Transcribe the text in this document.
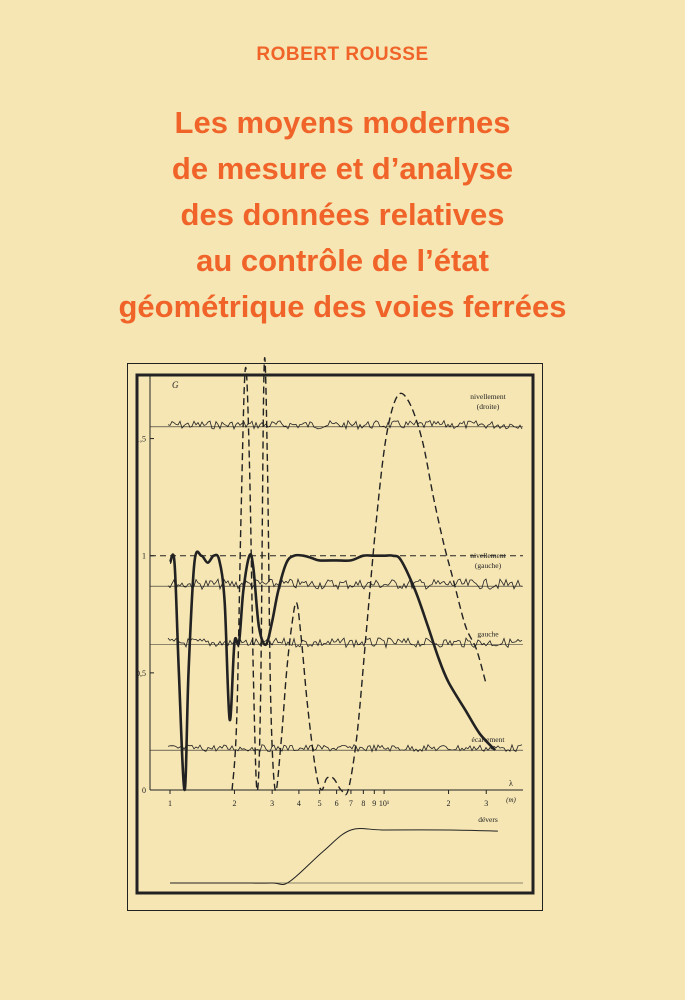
ROBERT ROUSSE
Les moyens modernes
de mesure et d’analyse
des données relatives
au contrôle de l’état
géométrique des voies ferrées
0
0,5
1
1,5
G
1	2	3	4 5 6 7 8 9 10¹	2	3
λ
(m)
nivellement
(droite)
nivellement
(gauche)
gauche
écartement
dévers
